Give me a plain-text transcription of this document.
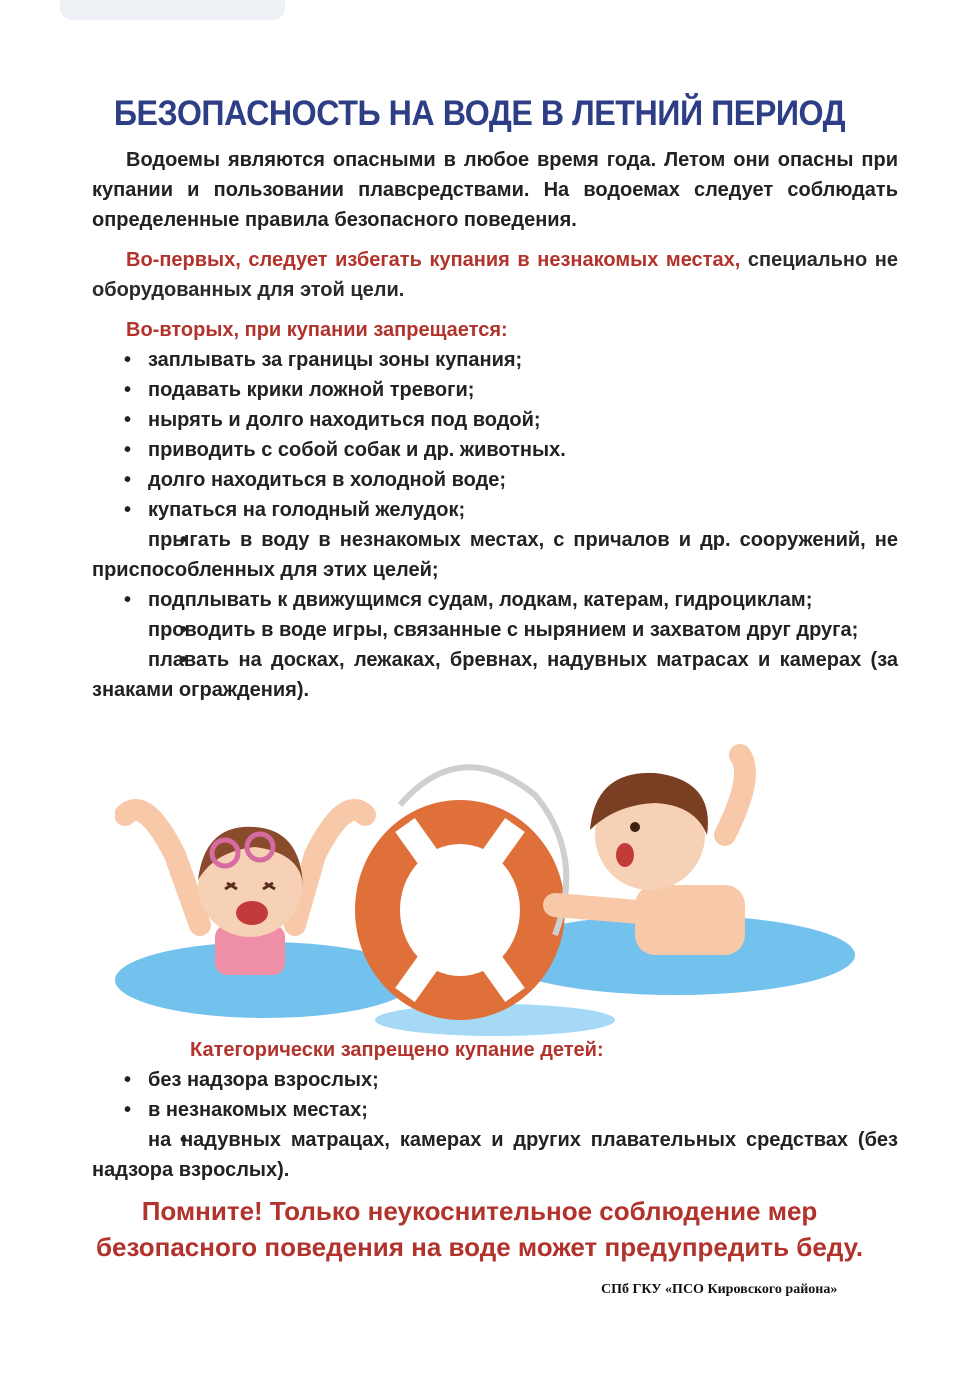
БЕЗОПАСНОСТЬ НА ВОДЕ В ЛЕТНИЙ ПЕРИОД

Водоемы являются опасными в любое время года. Летом они опасны при купании и пользовании плавсредствами. На водоемах следует соблюдать определенные правила безопасного поведения.

Во-первых, следует избегать купания в незнакомых местах, специально не оборудованных для этой цели.

Во-вторых, при купании запрещается:

• заплывать за границы зоны купания;
• подавать крики ложной тревоги;
• нырять и долго находиться под водой;
• приводить с собой собак и др. животных.
• долго находиться в холодной воде;
• купаться на голодный желудок;
• прыгать в воду в незнакомых местах, с причалов и др. сооружений, не приспособленных для этих целей;
• подплывать к движущимся судам, лодкам, катерам, гидроциклам;
• проводить в воде игры, связанные с нырянием и захватом друг друга;
• плавать на досках, лежаках, бревнах, надувных матрасах и камерах (за знаками ограждения).

Категорически запрещено купание детей:

• без надзора взрослых;
• в незнакомых местах;
• на надувных матрацах, камерах и других плавательных средствах (без надзора взрослых).
Помните! Только неукоснительное соблюдение мер
безопасного поведения на воде может предупредить беду.
СПб ГКУ «ПСО Кировского района»
